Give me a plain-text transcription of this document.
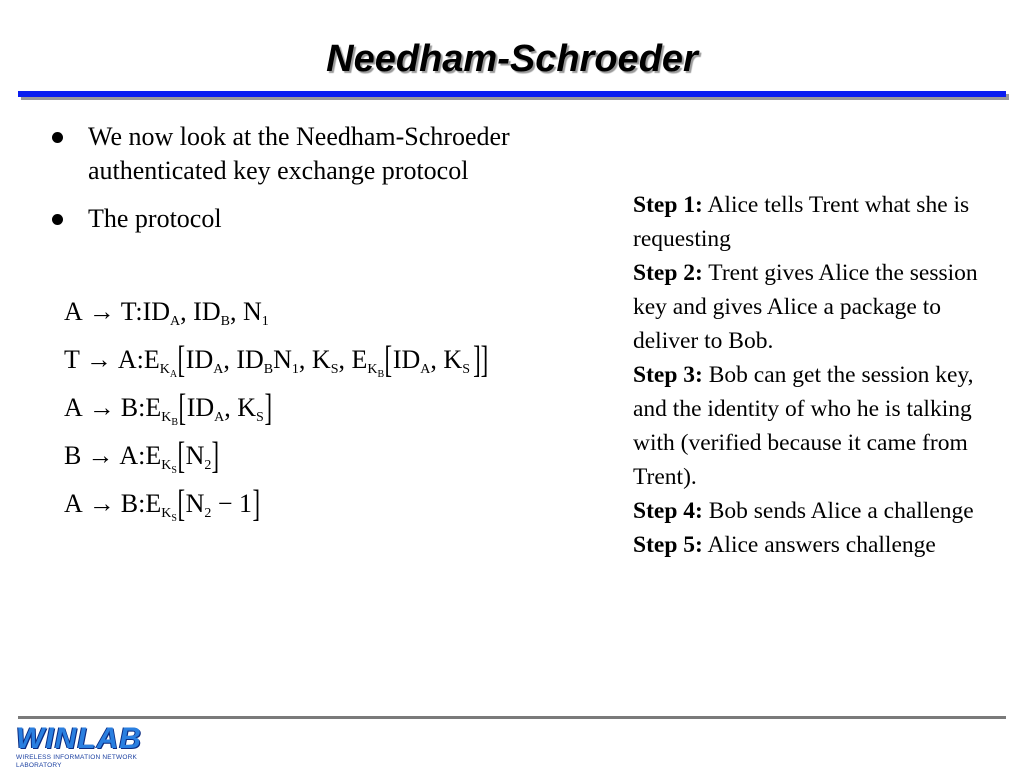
Needham-Schroeder
We now look at the Needham-Schroeder authenticated key exchange protocol
The protocol
$A \to T:ID_A$, $ID_B$, $N_1$
$T \to A:E_{K_A}[ID_A$, $ID_BN_1$, $K_S$, $E_{K_B}[ID_A$, $K_S$]]
$A \to B:E_{K_B}[ID_A$, $K_S$]
$B \to A:E_{K_S}[N_2]$
$A \to B:E_{K_S}[N_2 - 1]$
Step 1: Alice tells Trent what she is requesting
Step 2: Trent gives Alice the session key and gives Alice a package to deliver to Bob.
Step 3: Bob can get the session key, and the identity of who he is talking with (verified because it came from Trent).
Step 4: Bob sends Alice a challenge
Step 5: Alice answers challenge
WINLAB
WIRELESS INFORMATION NETWORK LABORATORY
